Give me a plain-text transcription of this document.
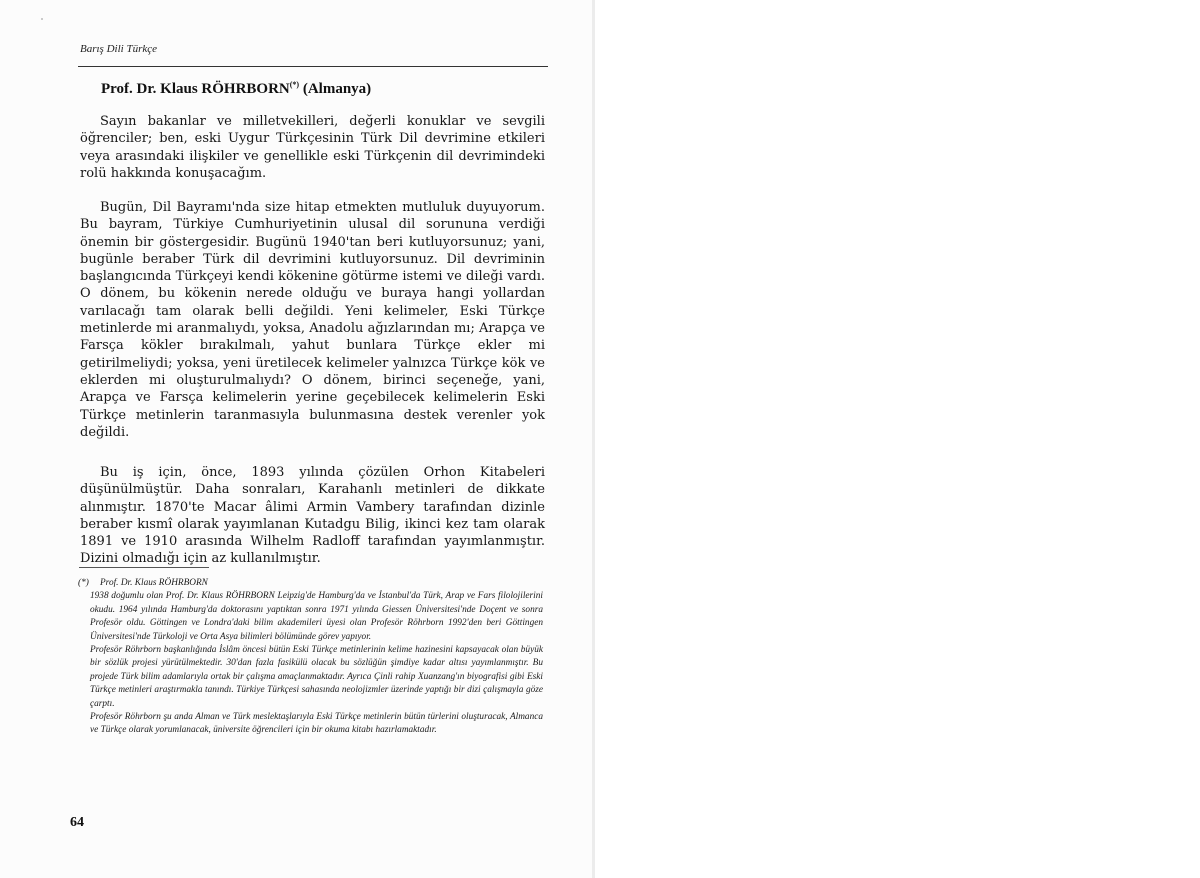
Barış Dili Türkçe
Prof. Dr. Klaus RÖHRBORN(*) (Almanya)

Sayın bakanlar ve milletvekilleri, değerli konuklar ve sevgili öğrenciler; ben, eski Uygur Türkçesinin Türk Dil devrimine etkileri veya arasındaki ilişkiler ve genellikle eski Türkçenin dil devrimindeki rolü hakkında konuşacağım.

Bugün, Dil Bayramı'nda size hitap etmekten mutluluk duyuyorum. Bu bayram, Türkiye Cumhuriyetinin ulusal dil sorununa verdiği önemin bir göstergesidir. Bugünü 1940'tan beri kutluyorsunuz; yani, bugünle beraber Türk dil devrimini kutluyorsunuz. Dil devriminin başlangıcında Türkçeyi kendi kökenine götürme istemi ve dileği vardı. O dönem, bu kökenin nerede olduğu ve buraya hangi yollardan varılacağı tam olarak belli değildi. Yeni kelimeler, Eski Türkçe metinlerde mi aranmalıydı, yoksa, Anadolu ağızlarından mı; Arapça ve Farsça kökler bırakılmalı, yahut bunlara Türkçe ekler mi getirilmeliydi; yoksa, yeni üretilecek kelimeler yalnızca Türkçe kök ve eklerden mi oluşturulmalıydı? O dönem, birinci seçeneğe, yani, Arapça ve Farsça kelimelerin yerine geçebilecek kelimelerin Eski Türkçe metinlerin taranmasıyla bulunmasına destek verenler yok değildi.

Bu iş için, önce, 1893 yılında çözülen Orhon Kitabeleri düşünülmüştür. Daha sonraları, Karahanlı metinleri de dikkate alınmıştır. 1870'te Macar âlimi Armin Vambery tarafından dizinle beraber kısmî olarak yayımlanan Kutadgu Bilig, ikinci kez tam olarak 1891 ve 1910 arasında Wilhelm Radloff tarafından yayımlanmıştır. Dizini olmadığı için az kullanılmıştır.

(*) Prof. Dr. Klaus RÖHRBORN

1938 doğumlu olan Prof. Dr. Klaus RÖHRBORN Leipzig'de Hamburg'da ve İstanbul'da Türk, Arap ve Fars filolojilerini okudu. 1964 yılında Hamburg'da doktorasını yaptıktan sonra 1971 yılında Giessen Üniversitesi'nde Doçent ve sonra Profesör oldu. Göttingen ve Londra'daki bilim akademileri üyesi olan Profesör Röhrborn 1992'den beri Göttingen Üniversitesi'nde Türkoloji ve Orta Asya bilimleri bölümünde görev yapıyor.

Profesör Röhrborn başkanlığında İslâm öncesi bütün Eski Türkçe metinlerinin kelime hazinesini kapsayacak olan büyük bir sözlük projesi yürütülmektedir. 30'dan fazla fasikülü olacak bu sözlüğün şimdiye kadar altısı yayımlanmıştır. Bu projede Türk bilim adamlarıyla ortak bir çalışma amaçlanmaktadır. Ayrıca Çinli rahip Xuanzang'ın biyografisi gibi Eski Türkçe metinleri araştırmakla tanındı. Türkiye Türkçesi sahasında neolojizmler üzerinde yaptığı bir dizi çalışmayla göze çarptı.

Profesör Röhrborn şu anda Alman ve Türk meslektaşlarıyla Eski Türkçe metinlerin bütün türlerini oluşturacak, Almanca ve Türkçe olarak yorumlanacak, üniversite öğrencileri için bir okuma kitabı hazırlamaktadır.

64
